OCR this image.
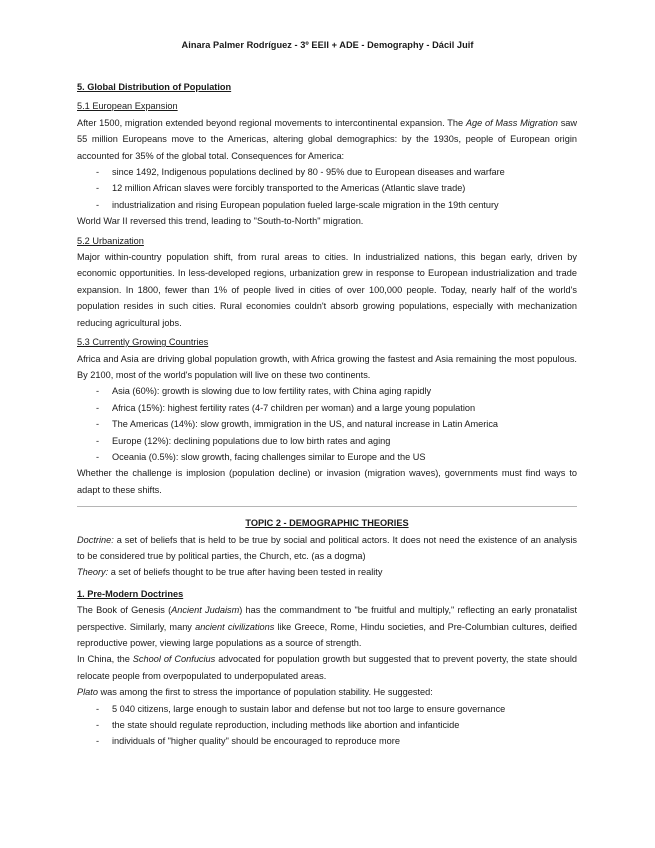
Ainara Palmer Rodríguez - 3º EEII + ADE - Demography - Dácil Juif

5. Global Distribution of Population

5.1 European Expansion

After 1500, migration extended beyond regional movements to intercontinental expansion. The Age of Mass Migration saw 55 million Europeans move to the Americas, altering global demographics: by the 1930s, people of European origin accounted for 35% of the global total. Consequences for America:

- since 1492, Indigenous populations declined by 80 - 95% due to European diseases and warfare
- 12 million African slaves were forcibly transported to the Americas (Atlantic slave trade)
- industrialization and rising European population fueled large-scale migration in the 19th century

World War II reversed this trend, leading to "South-to-North" migration.

5.2 Urbanization

Major within-country population shift, from rural areas to cities. In industrialized nations, this began early, driven by economic opportunities. In less-developed regions, urbanization grew in response to European industrialization and trade expansion. In 1800, fewer than 1% of people lived in cities of over 100,000 people. Today, nearly half of the world's population resides in such cities. Rural economies couldn't absorb growing populations, especially with mechanization reducing agricultural jobs.

5.3 Currently Growing Countries

Africa and Asia are driving global population growth, with Africa growing the fastest and Asia remaining the most populous. By 2100, most of the world's population will live on these two continents.

- Asia (60%): growth is slowing due to low fertility rates, with China aging rapidly
- Africa (15%): highest fertility rates (4-7 children per woman) and a large young population
- The Americas (14%): slow growth, immigration in the US, and natural increase in Latin America
- Europe (12%): declining populations due to low birth rates and aging
- Oceania (0.5%): slow growth, facing challenges similar to Europe and the US

Whether the challenge is implosion (population decline) or invasion (migration waves), governments must find ways to adapt to these shifts.

TOPIC 2 - DEMOGRAPHIC THEORIES

Doctrine: a set of beliefs that is held to be true by social and political actors. It does not need the existence of an analysis to be considered true by political parties, the Church, etc. (as a dogma)

Theory: a set of beliefs thought to be true after having been tested in reality

1. Pre-Modern Doctrines

The Book of Genesis (Ancient Judaism) has the commandment to "be fruitful and multiply," reflecting an early pronatalist perspective. Similarly, many ancient civilizations like Greece, Rome, Hindu societies, and Pre-Columbian cultures, deified reproductive power, viewing large populations as a source of strength.

In China, the School of Confucius advocated for population growth but suggested that to prevent poverty, the state should relocate people from overpopulated to underpopulated areas.

Plato was among the first to stress the importance of population stability. He suggested:

- 5 040 citizens, large enough to sustain labor and defense but not too large to ensure governance
- the state should regulate reproduction, including methods like abortion and infanticide
- individuals of "higher quality" should be encouraged to reproduce more
